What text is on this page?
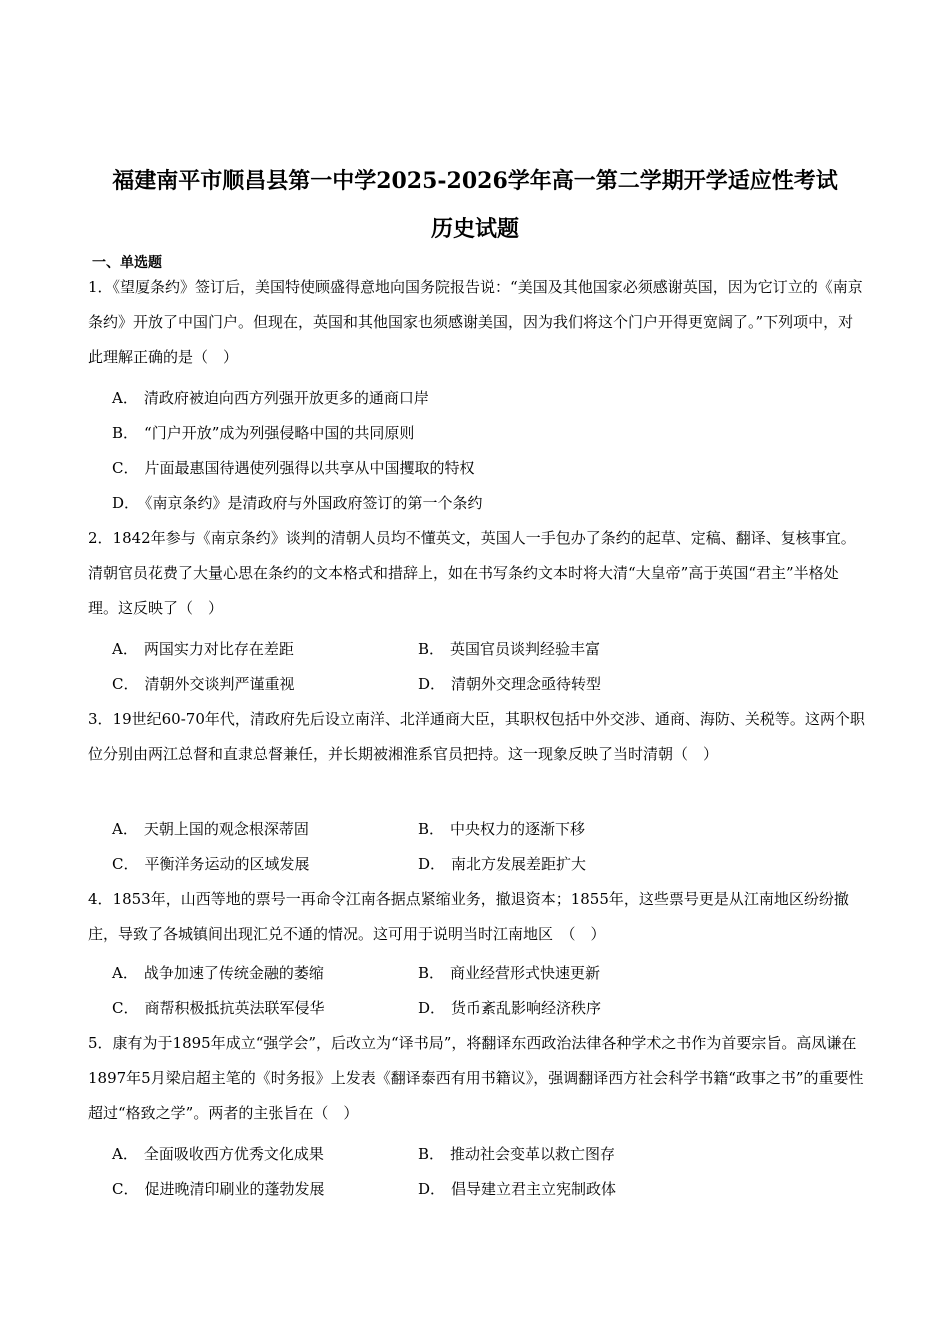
福建南平市顺昌县第一中学2025-2026学年高一第二学期开学适应性考试
历史试题
一、单选题
1．《望厦条约》签订后，美国特使顾盛得意地向国务院报告说：“美国及其他国家必须感谢英国，因为它订立的《南京条约》开放了中国门户。但现在，英国和其他国家也须感谢美国，因为我们将这个门户开得更宽阔了。”下列项中，对此理解正确的是（　）
A． 清政府被迫向西方列强开放更多的通商口岸
B． “门户开放”成为列强侵略中国的共同原则
C． 片面最惠国待遇使列强得以共享从中国攫取的特权
D． 《南京条约》是清政府与外国政府签订的第一个条约
2．1842年参与《南京条约》谈判的清朝人员均不懂英文，英国人一手包办了条约的起草、定稿、翻译、复核事宜。清朝官员花费了大量心思在条约的文本格式和措辞上，如在书写条约文本时将大清“大皇帝”高于英国“君主”半格处理。这反映了（　）
A． 两国实力对比存在差距	B． 英国官员谈判经验丰富
C． 清朝外交谈判严谨重视	D． 清朝外交理念亟待转型
3．19世纪60-70年代，清政府先后设立南洋、北洋通商大臣，其职权包括中外交涉、通商、海防、关税等。这两个职位分别由两江总督和直隶总督兼任，并长期被湘淮系官员把持。这一现象反映了当时清朝（　）
A． 天朝上国的观念根深蒂固	B． 中央权力的逐渐下移
C． 平衡洋务运动的区域发展	D． 南北方发展差距扩大
4．1853年，山西等地的票号一再命令江南各据点紧缩业务，撤退资本；1855年，这些票号更是从江南地区纷纷撤庄，导致了各城镇间出现汇兑不通的情况。这可用于说明当时江南地区　（　）
A． 战争加速了传统金融的萎缩	B． 商业经营形式快速更新
C． 商帮积极抵抗英法联军侵华	D． 货币紊乱影响经济秩序
5．康有为于1895年成立“强学会”，后改立为“译书局”，将翻译东西政治法律各种学术之书作为首要宗旨。高凤谦在1897年5月梁启超主笔的《时务报》上发表《翻译泰西有用书籍议》，强调翻译西方社会科学书籍“政事之书”的重要性超过“格致之学”。两者的主张旨在（　）
A． 全面吸收西方优秀文化成果	B． 推动社会变革以救亡图存
C． 促进晚清印刷业的蓬勃发展	D． 倡导建立君主立宪制政体
